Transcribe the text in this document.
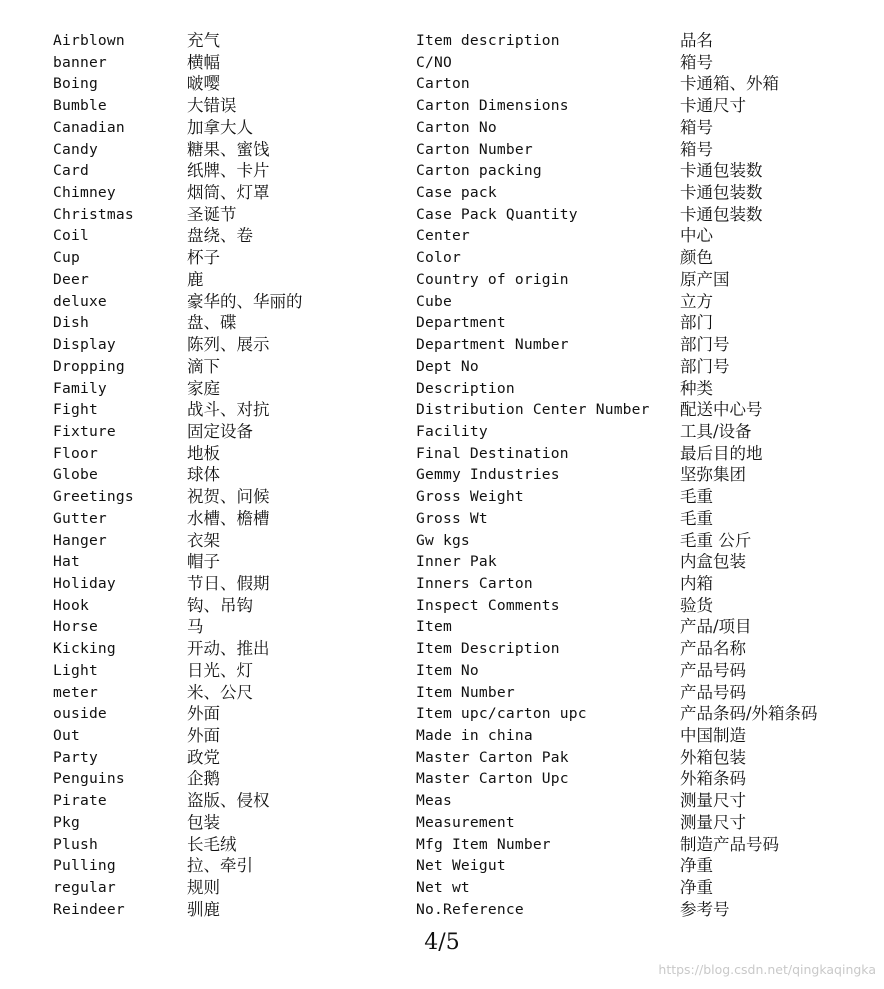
Airblown
banner
Boing
Bumble
Canadian
Candy
Card
Chimney
Christmas
Coil
Cup
Deer
deluxe
Dish
Display
Dropping
Family
Fight
Fixture
Floor
Globe
Greetings
Gutter
Hanger
Hat
Holiday
Hook
Horse
Kicking
Light
meter
ouside
Out
Party
Penguins
Pirate
Pkg
Plush
Pulling
regular
Reindeer
充气
横幅
啵嘤
大错误
加拿大人
糖果、蜜饯
纸牌、卡片
烟筒、灯罩
圣诞节
盘绕、卷
杯子
鹿
豪华的、华丽的
盘、碟
陈列、展示
滴下
家庭
战斗、对抗
固定设备
地板
球体
祝贺、问候
水槽、檐槽
衣架
帽子
节日、假期
钩、吊钩
马
开动、推出
日光、灯
米、公尺
外面
外面
政党
企鹅
盗版、侵权
包装
长毛绒
拉、牵引
规则
驯鹿
Item description
C/NO
Carton
Carton Dimensions
Carton No
Carton Number
Carton packing
Case pack
Case Pack Quantity
Center
Color
Country of origin
Cube
Department
Department Number
Dept No
Description
Distribution Center Number
Facility
Final Destination
Gemmy Industries
Gross Weight
Gross Wt
Gw kgs
Inner Pak
Inners Carton
Inspect Comments
Item
Item Description
Item No
Item Number
Item upc/carton upc
Made in china
Master Carton Pak
Master Carton Upc
Meas
Measurement
Mfg Item Number
Net Weigut
Net wt
No.Reference
品名
箱号
卡通箱、外箱
卡通尺寸
箱号
箱号
卡通包装数
卡通包装数
卡通包装数
中心
颜色
原产国
立方
部门
部门号
部门号
种类
配送中心号
工具/设备
最后目的地
坚弥集团
毛重
毛重
毛重 公斤
内盒包装
内箱
验货
产品/项目
产品名称
产品号码
产品号码
产品条码/外箱条码
中国制造
外箱包装
外箱条码
测量尺寸
测量尺寸
制造产品号码
净重
净重
参考号
4/5
https://blog.csdn.net/qingkaqingka
